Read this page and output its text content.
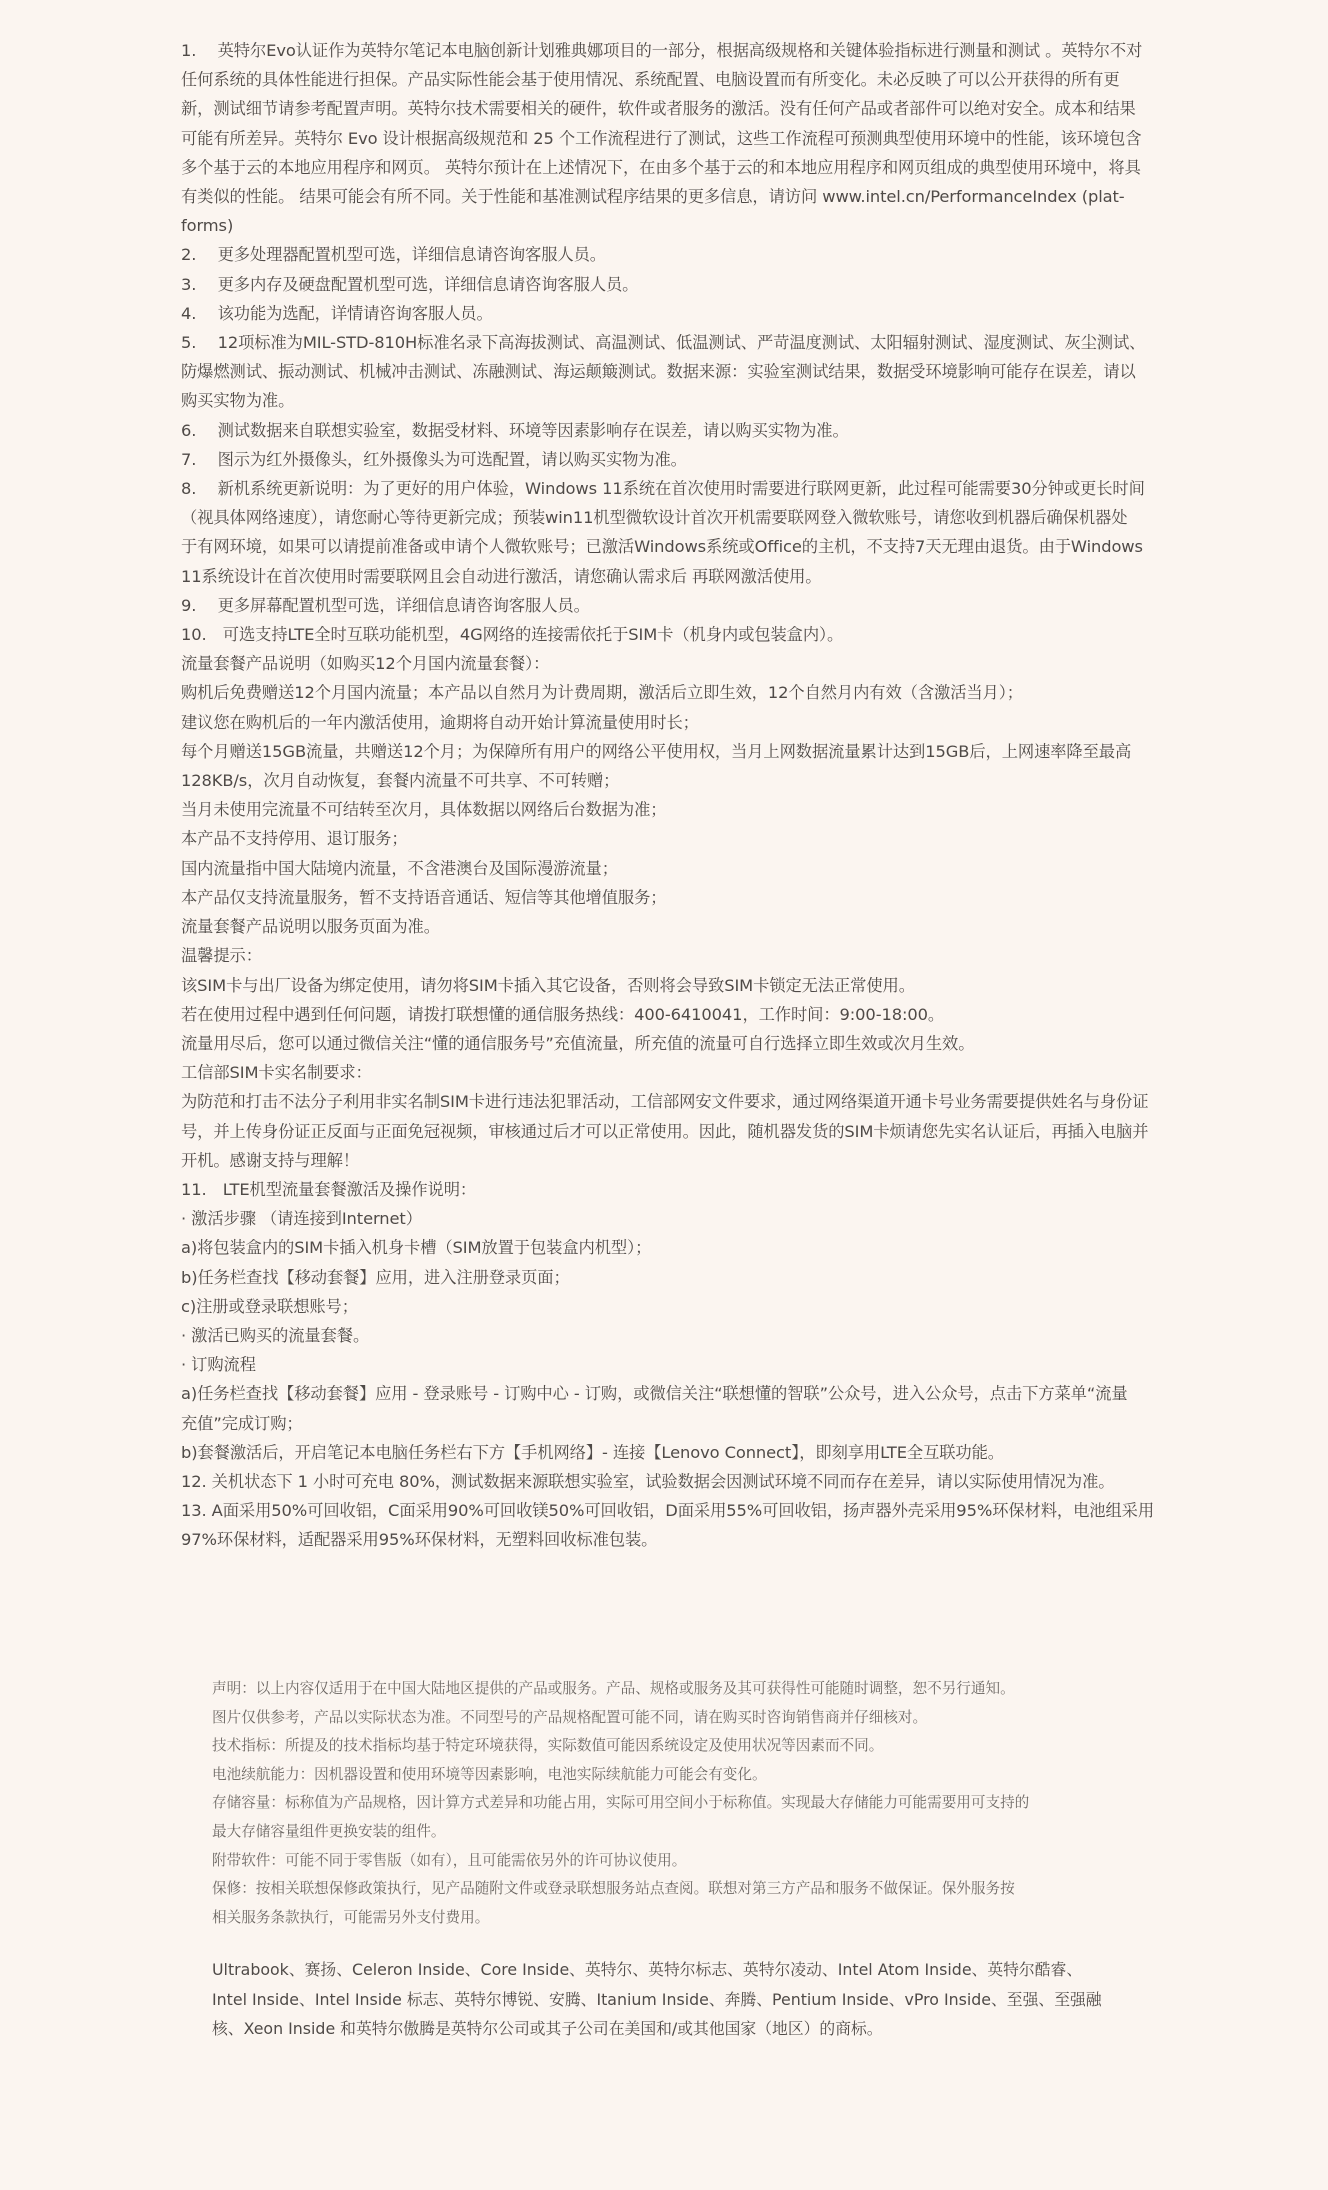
1.　 英特尔Evo认证作为英特尔笔记本电脑创新计划雅典娜项目的一部分，根据高级规格和关键体验指标进行测量和测试 。英特尔不对
任何系统的具体性能进行担保。产品实际性能会基于使用情况、系统配置、电脑设置而有所变化。未必反映了可以公开获得的所有更
新，测试细节请参考配置声明。英特尔技术需要相关的硬件，软件或者服务的激活。没有任何产品或者部件可以绝对安全。成本和结果
可能有所差异。英特尔 Evo 设计根据高级规范和 25 个工作流程进行了测试，这些工作流程可预测典型使用环境中的性能，该环境包含
多个基于云的本地应用程序和网页。 英特尔预计在上述情况下，在由多个基于云的和本地应用程序和网页组成的典型使用环境中，将具
有类似的性能。 结果可能会有所不同。关于性能和基准测试程序结果的更多信息，请访问 www.intel.cn/PerformanceIndex (plat-
forms)
2.　 更多处理器配置机型可选，详细信息请咨询客服人员。
3.　 更多内存及硬盘配置机型可选，详细信息请咨询客服人员。
4.　 该功能为选配，详情请咨询客服人员。
5.　 12项标准为MIL-STD-810H标准名录下高海拔测试、高温测试、低温测试、严苛温度测试、太阳辐射测试、湿度测试、灰尘测试、
防爆燃测试、振动测试、机械冲击测试、冻融测试、海运颠簸测试。数据来源：实验室测试结果，数据受环境影响可能存在误差，请以
购买实物为准。
6.　 测试数据来自联想实验室，数据受材料、环境等因素影响存在误差，请以购买实物为准。
7.　 图示为红外摄像头，红外摄像头为可选配置，请以购买实物为准。
8.　 新机系统更新说明：为了更好的用户体验，Windows 11系统在首次使用时需要进行联网更新，此过程可能需要30分钟或更长时间
（视具体网络速度），请您耐心等待更新完成；预装win11机型微软设计首次开机需要联网登入微软账号，请您收到机器后确保机器处
于有网环境，如果可以请提前准备或申请个人微软账号；已激活Windows系统或Office的主机，不支持7天无理由退货。由于Windows
11系统设计在首次使用时需要联网且会自动进行激活，请您确认需求后 再联网激活使用。
9.　 更多屏幕配置机型可选，详细信息请咨询客服人员。
10.　可选支持LTE全时互联功能机型，4G网络的连接需依托于SIM卡（机身内或包装盒内）。
流量套餐产品说明（如购买12个月国内流量套餐）：
购机后免费赠送12个月国内流量；本产品以自然月为计费周期，激活后立即生效，12个自然月内有效（含激活当月）；
建议您在购机后的一年内激活使用，逾期将自动开始计算流量使用时长；
每个月赠送15GB流量，共赠送12个月；为保障所有用户的网络公平使用权，当月上网数据流量累计达到15GB后，上网速率降至最高
128KB/s，次月自动恢复，套餐内流量不可共享、不可转赠；
当月未使用完流量不可结转至次月，具体数据以网络后台数据为准；
本产品不支持停用、退订服务；
国内流量指中国大陆境内流量，不含港澳台及国际漫游流量；
本产品仅支持流量服务，暂不支持语音通话、短信等其他增值服务；
流量套餐产品说明以服务页面为准。
温馨提示：
该SIM卡与出厂设备为绑定使用，请勿将SIM卡插入其它设备，否则将会导致SIM卡锁定无法正常使用。
若在使用过程中遇到任何问题，请拨打联想懂的通信服务热线：400-6410041，工作时间：9:00-18:00。
流量用尽后，您可以通过微信关注“懂的通信服务号”充值流量，所充值的流量可自行选择立即生效或次月生效。
工信部SIM卡实名制要求：
为防范和打击不法分子利用非实名制SIM卡进行违法犯罪活动，工信部网安文件要求，通过网络渠道开通卡号业务需要提供姓名与身份证
号，并上传身份证正反面与正面免冠视频，审核通过后才可以正常使用。因此，随机器发货的SIM卡烦请您先实名认证后，再插入电脑并
开机。感谢支持与理解！
11.　LTE机型流量套餐激活及操作说明：
· 激活步骤 （请连接到Internet）
a)将包装盒内的SIM卡插入机身卡槽（SIM放置于包装盒内机型）；
b)任务栏查找【移动套餐】应用，进入注册登录页面；
c)注册或登录联想账号；
· 激活已购买的流量套餐。
· 订购流程
a)任务栏查找【移动套餐】应用 - 登录账号 - 订购中心 - 订购，或微信关注“联想懂的智联”公众号，进入公众号，点击下方菜单“流量
充值”完成订购；
b)套餐激活后，开启笔记本电脑任务栏右下方【手机网络】- 连接【Lenovo Connect】，即刻享用LTE全互联功能。
12. 关机状态下 1 小时可充电 80%，测试数据来源联想实验室，试验数据会因测试环境不同而存在差异，请以实际使用情况为准。
13. A面采用50%可回收铝，C面采用90%可回收镁50%可回收铝，D面采用55%可回收铝，扬声器外壳采用95%环保材料，电池组采用
97%环保材料，适配器采用95%环保材料，无塑料回收标准包装。
声明：以上内容仅适用于在中国大陆地区提供的产品或服务。产品、规格或服务及其可获得性可能随时调整，恕不另行通知。
图片仅供参考，产品以实际状态为准。不同型号的产品规格配置可能不同，请在购买时咨询销售商并仔细核对。
技术指标：所提及的技术指标均基于特定环境获得，实际数值可能因系统设定及使用状况等因素而不同。
电池续航能力：因机器设置和使用环境等因素影响，电池实际续航能力可能会有变化。
存储容量：标称值为产品规格，因计算方式差异和功能占用，实际可用空间小于标称值。实现最大存储能力可能需要用可支持的
最大存储容量组件更换安装的组件。
附带软件：可能不同于零售版（如有），且可能需依另外的许可协议使用。
保修：按相关联想保修政策执行，见产品随附文件或登录联想服务站点查阅。联想对第三方产品和服务不做保证。保外服务按
相关服务条款执行，可能需另外支付费用。
Ultrabook、赛扬、Celeron Inside、Core Inside、英特尔、英特尔标志、英特尔凌动、Intel Atom Inside、英特尔酷睿、
Intel Inside、Intel Inside 标志、英特尔博锐、安腾、Itanium Inside、奔腾、Pentium Inside、vPro Inside、至强、至强融
核、Xeon Inside 和英特尔傲腾是英特尔公司或其子公司在美国和/或其他国家（地区）的商标。
